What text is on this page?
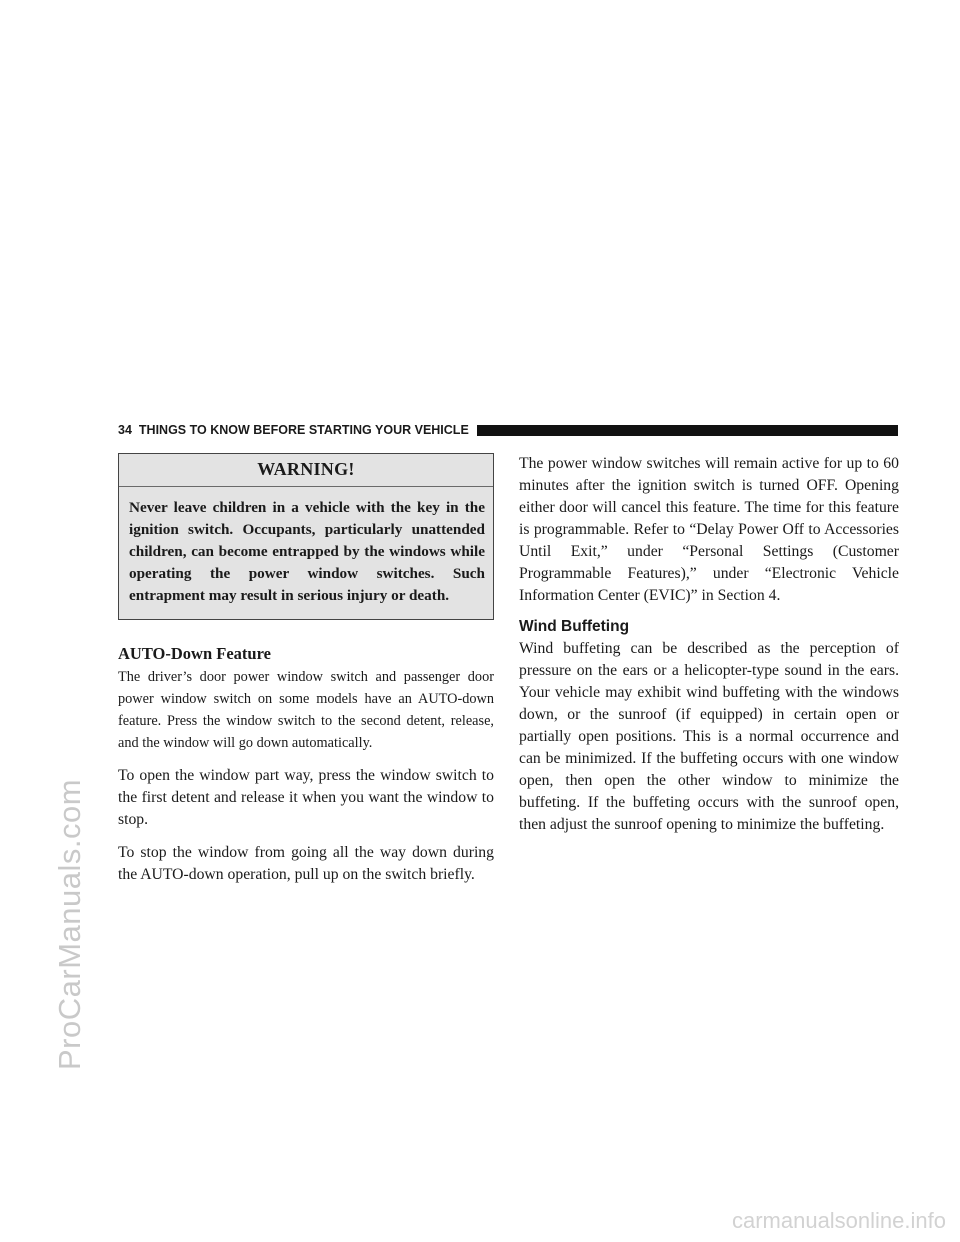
ProCarManuals.com
carmanualsonline.info
34 THINGS TO KNOW BEFORE STARTING YOUR VEHICLE
WARNING!
Never leave children in a vehicle with the key in the ignition switch. Occupants, particularly unattended children, can become entrapped by the windows while operating the power window switches. Such entrapment may result in serious injury or death.
AUTO-Down Feature

The driver’s door power window switch and passenger door power window switch on some models have an AUTO-down feature. Press the window switch to the second detent, release, and the window will go down automatically.

To open the window part way, press the window switch to the first detent and release it when you want the window to stop.

To stop the window from going all the way down during the AUTO-down operation, pull up on the switch briefly.

The power window switches will remain active for up to 60 minutes after the ignition switch is turned OFF. Opening either door will cancel this feature. The time for this feature is programmable. Refer to “Delay Power Off to Accessories Until Exit,” under “Personal Settings (Customer Programmable Features),” under “Electronic Vehicle Information Center (EVIC)” in Section 4.

Wind Buffeting

Wind buffeting can be described as the perception of pressure on the ears or a helicopter-type sound in the ears. Your vehicle may exhibit wind buffeting with the windows down, or the sunroof (if equipped) in certain open or partially open positions. This is a normal occurrence and can be minimized. If the buffeting occurs with one window open, then open the other window to minimize the buffeting. If the buffeting occurs with the sunroof open, then adjust the sunroof opening to minimize the buffeting.
